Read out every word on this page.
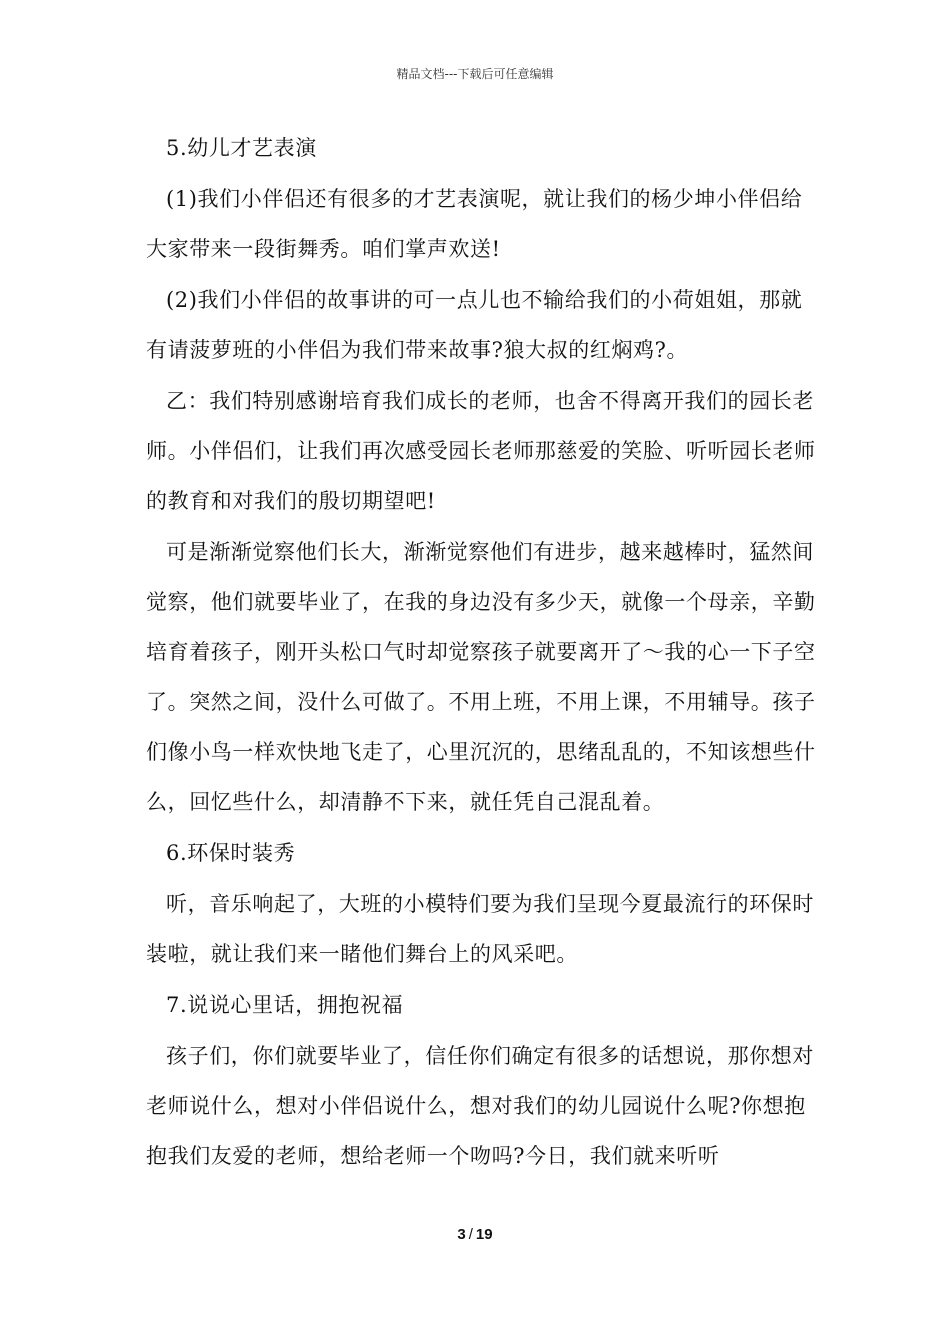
精品文档---下载后可任意编辑

5.幼儿才艺表演

(1)我们小伴侣还有很多的才艺表演呢，就让我们的杨少坤小伴侣给大家带来一段街舞秀。咱们掌声欢送!

(2)我们小伴侣的故事讲的可一点儿也不输给我们的小荷姐姐，那就有请菠萝班的小伴侣为我们带来故事?狼大叔的红焖鸡?。

乙：我们特别感谢培育我们成长的老师，也舍不得离开我们的园长老师。小伴侣们，让我们再次感受园长老师那慈爱的笑脸、听听园长老师的教育和对我们的殷切期望吧!

可是渐渐觉察他们长大，渐渐觉察他们有进步，越来越棒时，猛然间觉察，他们就要毕业了，在我的身边没有多少天，就像一个母亲，辛勤培育着孩子，刚开头松口气时却觉察孩子就要离开了～我的心一下子空了。突然之间，没什么可做了。不用上班，不用上课，不用辅导。孩子们像小鸟一样欢快地飞走了，心里沉沉的，思绪乱乱的，不知该想些什么，回忆些什么，却清静不下来，就任凭自己混乱着。

6.环保时装秀

听，音乐响起了，大班的小模特们要为我们呈现今夏最流行的环保时装啦，就让我们来一睹他们舞台上的风采吧。

7.说说心里话，拥抱祝福

孩子们，你们就要毕业了，信任你们确定有很多的话想说，那你想对老师说什么，想对小伴侣说什么，想对我们的幼儿园说什么呢?你想抱抱我们友爱的老师，想给老师一个吻吗?今日，我们就来听听

3 / 19
